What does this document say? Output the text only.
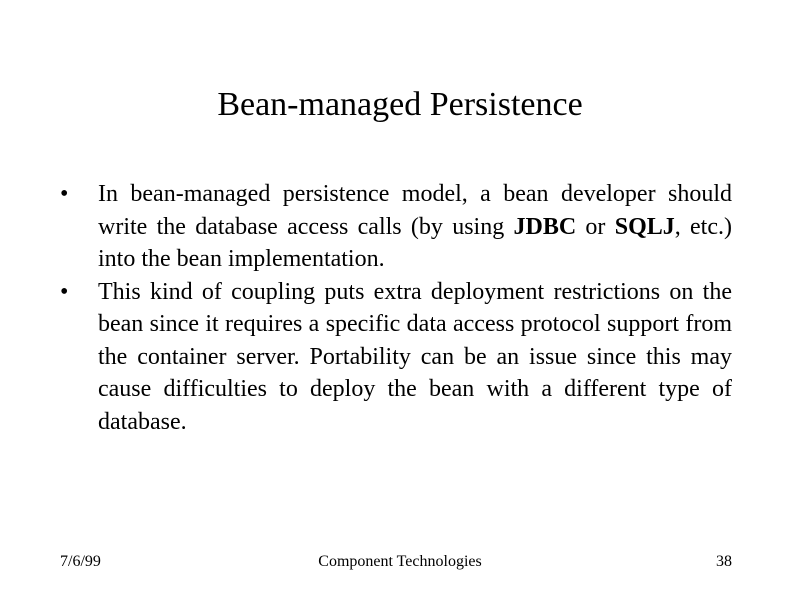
Bean-managed Persistence
•	In bean-managed persistence model, a bean developer should write the database access calls (by using JDBC or SQLJ, etc.) into the bean implementation.
•	This kind of coupling puts extra deployment restrictions on the bean since it requires a specific data access protocol support from the container server. Portability can be an issue since this may cause difficulties to deploy the bean with a different type of database.
7/6/99	Component Technologies	38
